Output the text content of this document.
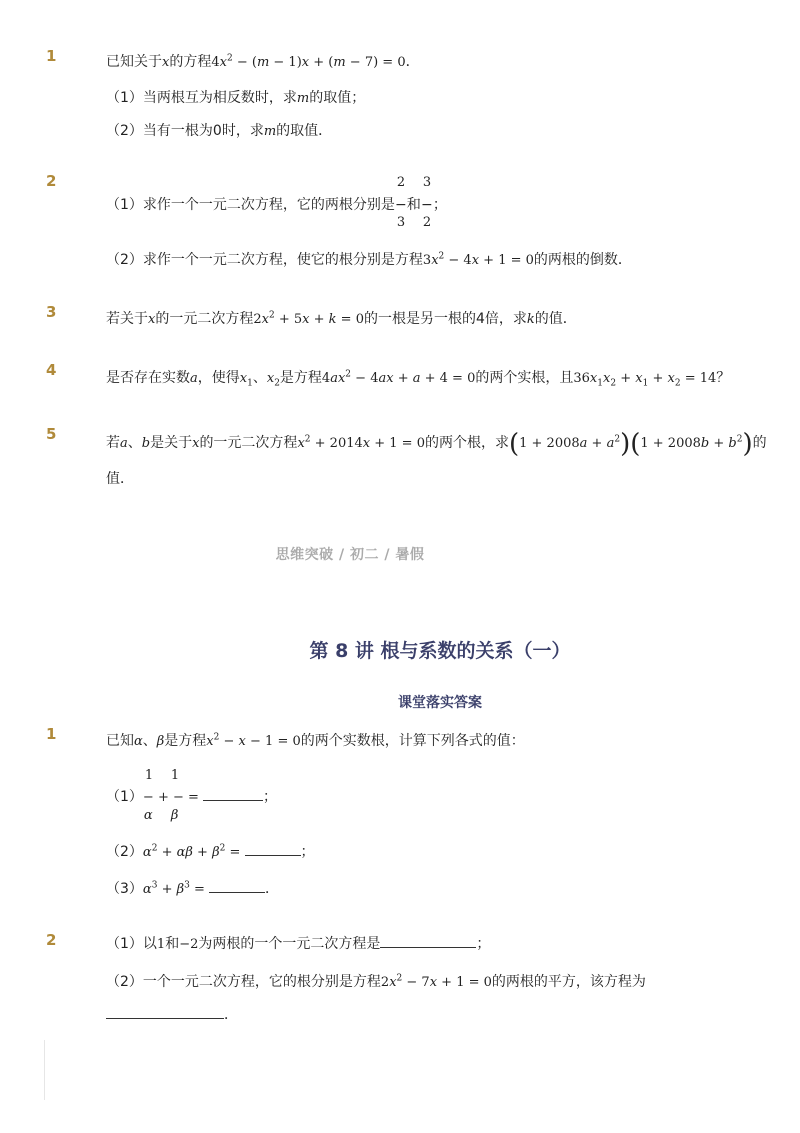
1	已知关于x的方程$4x^2 - (m - 1)x + (m - 7) = 0$．
（1）当两根互为相反数时，求m的取值；
（2）当有一根为0时，求m的取值．
2
（1）求作一个一元二次方程，它的两根分别是
2
−
3
和
3
−
2
；
（2）求作一个一元二次方程，使它的根分别是方程$3x^2 - 4x + 1 = 0$的两根的倒数．
3	若关于x的一元二次方程$2x^2 + 5x + k = 0$的一根是另一根的4倍，求k的值．
4	是否存在实数a，使得$x_1$、$x_2$是方程$4ax^2 - 4ax + a + 4 = 0$的两个实根，且$36x_1x_2 + x_1 + x_2 = 14$？
5	若a、b是关于x的一元二次方程$x^2 + 2014x + 1 = 0$的两个根，求$(1 + 2008a + a^2)(1 + 2008b + b^2)$的
值．
思维突破 / 初二 / 暑假
第 8 讲 根与系数的关系（一）
课堂落实答案
1	已知α、β是方程$x^2 - x - 1 = 0$的两个实数根，计算下列各式的值：
（1）
1 1
α β
− + − =	；
$(2)\alpha^2 + \alpha\beta + \beta^2$ =	；
$(3)\alpha^3 + \beta^3$ =	．
2	（1）以1和−2为两根的一个一元二次方程是	；
（2）一个一元二次方程，它的根分别是方程$2x^2 - 7x + 1 = 0$的两根的平方，该方程为
．
